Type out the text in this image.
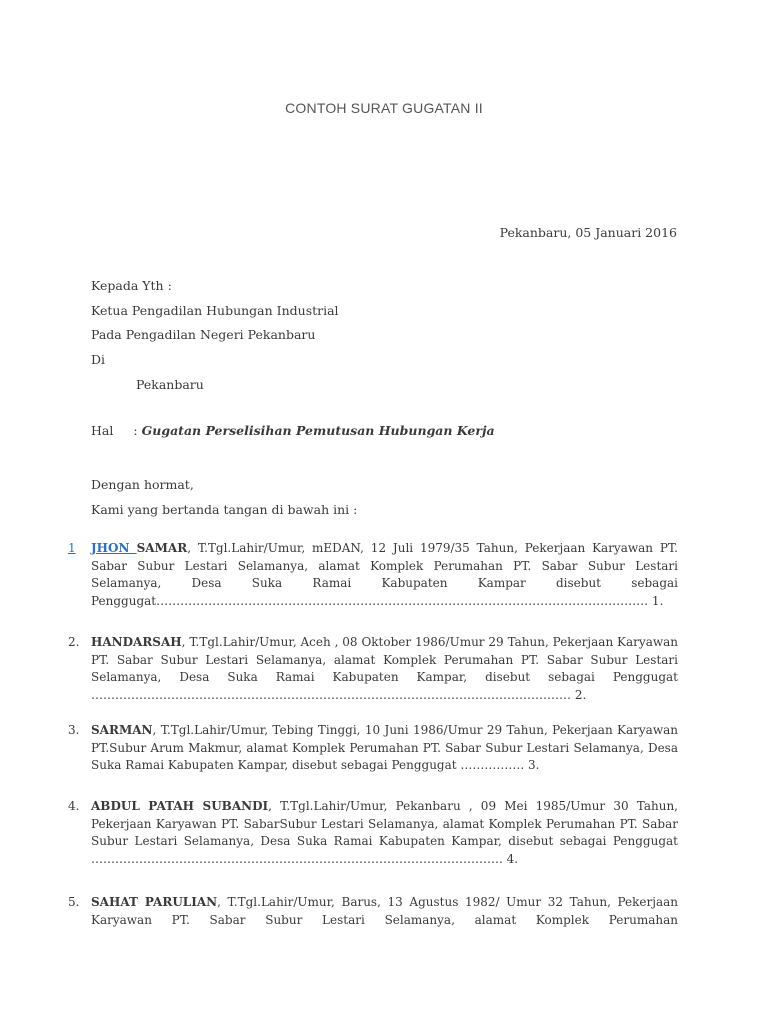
CONTOH SURAT GUGATAN II
Pekanbaru, 05 Januari 2016
Kepada Yth :
Ketua Pengadilan Hubungan Industrial
Pada Pengadilan Negeri Pekanbaru
Di
Pekanbaru
Hal : Gugatan Perselisihan Pemutusan Hubungan Kerja
Dengan hormat,
Kami yang bertanda tangan di bawah ini :
1 JHON SAMAR, T.Tgl.Lahir/Umur, mEDAN, 12 Juli 1979/35 Tahun, Pekerjaan Karyawan PT. Sabar Subur Lestari Selamanya, alamat Komplek Perumahan PT. Sabar Subur Lestari Selamanya, Desa Suka Ramai Kabupaten Kampar disebut sebagai Penggugat…………………………………………………………………………………………………………… 1.
2. HANDARSAH, T.Tgl.Lahir/Umur, Aceh , 08 Oktober 1986/Umur 29 Tahun, Pekerjaan Karyawan PT. Sabar Subur Lestari Selamanya, alamat Komplek Perumahan PT. Sabar Subur Lestari Selamanya, Desa Suka Ramai Kabupaten Kampar, disebut sebagai Penggugat ………………………………………………………………………………………………………… 2.
3. SARMAN, T.Tgl.Lahir/Umur, Tebing Tinggi, 10 Juni 1986/Umur 29 Tahun, Pekerjaan Karyawan PT.Subur Arum Makmur, alamat Komplek Perumahan PT. Sabar Subur Lestari Selamanya, Desa Suka Ramai Kabupaten Kampar, disebut sebagai Penggugat ……………. 3.
4. ABDUL PATAH SUBANDI, T.Tgl.Lahir/Umur, Pekanbaru , 09 Mei 1985/Umur 30 Tahun, Pekerjaan Karyawan PT. SabarSubur Lestari Selamanya, alamat Komplek Perumahan PT. Sabar Subur Lestari Selamanya, Desa Suka Ramai Kabupaten Kampar, disebut sebagai Penggugat …………………………………………………………………………………………. 4.
5. SAHAT PARULIAN, T.Tgl.Lahir/Umur, Barus, 13 Agustus 1982/ Umur 32 Tahun, Pekerjaan Karyawan PT. Sabar Subur Lestari Selamanya, alamat Komplek Perumahan
